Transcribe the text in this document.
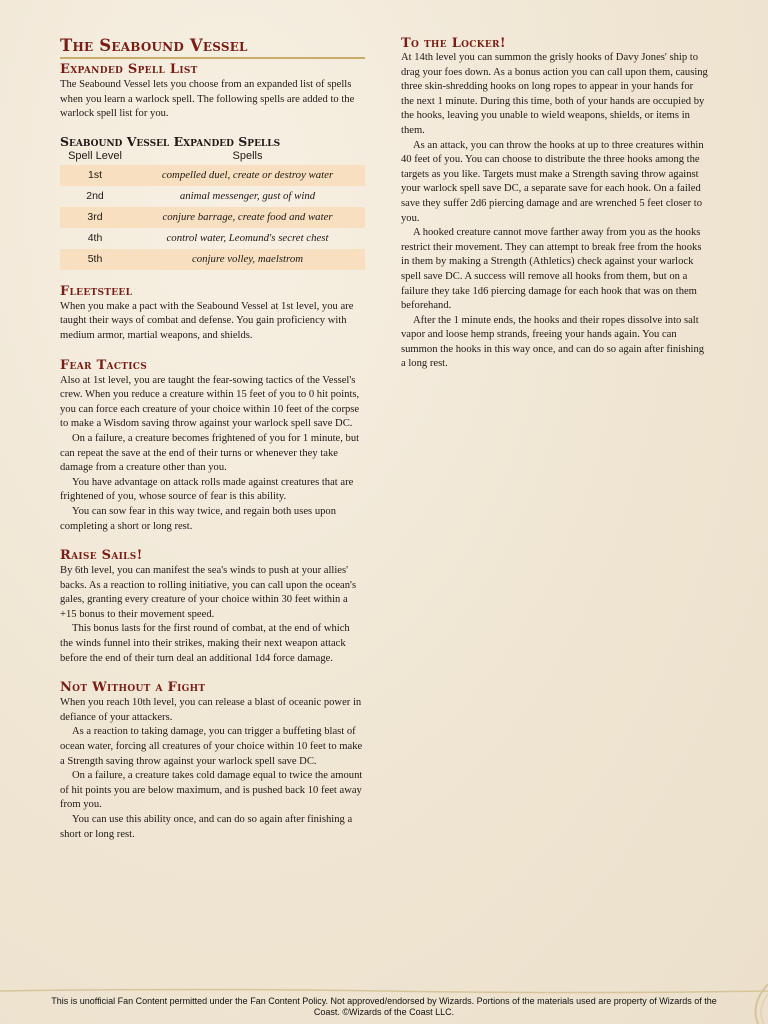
The Seabound Vessel
Expanded Spell List

The Seabound Vessel lets you choose from an expanded list of spells when you learn a warlock spell. The following spells are added to the warlock spell list for you.

Seabound Vessel Expanded Spells
Spell Level	Spells
1st	compelled duel, create or destroy water
2nd	animal messenger, gust of wind
3rd	conjure barrage, create food and water
4th	control water, Leomund's secret chest
5th	conjure volley, maelstrom
Fleetsteel

When you make a pact with the Seabound Vessel at 1st level, you are taught their ways of combat and defense. You gain proficiency with medium armor, martial weapons, and shields.

Fear Tactics

Also at 1st level, you are taught the fear-sowing tactics of the Vessel's crew. When you reduce a creature within 15 feet of you to 0 hit points, you can force each creature of your choice within 10 feet of the corpse to make a Wisdom saving throw against your warlock spell save DC.

On a failure, a creature becomes frightened of you for 1 minute, but can repeat the save at the end of their turns or whenever they take damage from a creature other than you.

You have advantage on attack rolls made against creatures that are frightened of you, whose source of fear is this ability.

You can sow fear in this way twice, and regain both uses upon completing a short or long rest.

Raise Sails!

By 6th level, you can manifest the sea's winds to push at your allies' backs. As a reaction to rolling initiative, you can call upon the ocean's gales, granting every creature of your choice within 30 feet within a +15 bonus to their movement speed.

This bonus lasts for the first round of combat, at the end of which the winds funnel into their strikes, making their next weapon attack before the end of their turn deal an additional 1d4 force damage.

Not Without a Fight

When you reach 10th level, you can release a blast of oceanic power in defiance of your attackers.

As a reaction to taking damage, you can trigger a buffeting blast of ocean water, forcing all creatures of your choice within 10 feet to make a Strength saving throw against your warlock spell save DC.

On a failure, a creature takes cold damage equal to twice the amount of hit points you are below maximum, and is pushed back 10 feet away from you.

You can use this ability once, and can do so again after finishing a short or long rest.

To the Locker!

At 14th level you can summon the grisly hooks of Davy Jones' ship to drag your foes down. As a bonus action you can call upon them, causing three skin-shredding hooks on long ropes to appear in your hands for the next 1 minute. During this time, both of your hands are occupied by the hooks, leaving you unable to wield weapons, shields, or items in them.

As an attack, you can throw the hooks at up to three creatures within 40 feet of you. You can choose to distribute the three hooks among the targets as you like. Targets must make a Strength saving throw against your warlock spell save DC, a separate save for each hook. On a failed save they suffer 2d6 piercing damage and are wrenched 5 feet closer to you.

A hooked creature cannot move farther away from you as the hooks restrict their movement. They can attempt to break free from the hooks in them by making a Strength (Athletics) check against your warlock spell save DC. A success will remove all hooks from them, but on a failure they take 1d6 piercing damage for each hook that was on them beforehand.

After the 1 minute ends, the hooks and their ropes dissolve into salt vapor and loose hemp strands, freeing your hands again. You can summon the hooks in this way once, and can do so again after finishing a long rest.

This is unofficial Fan Content permitted under the Fan Content Policy. Not approved/endorsed by Wizards. Portions of the materials used are property of Wizards of the Coast. ©Wizards of the Coast LLC.
